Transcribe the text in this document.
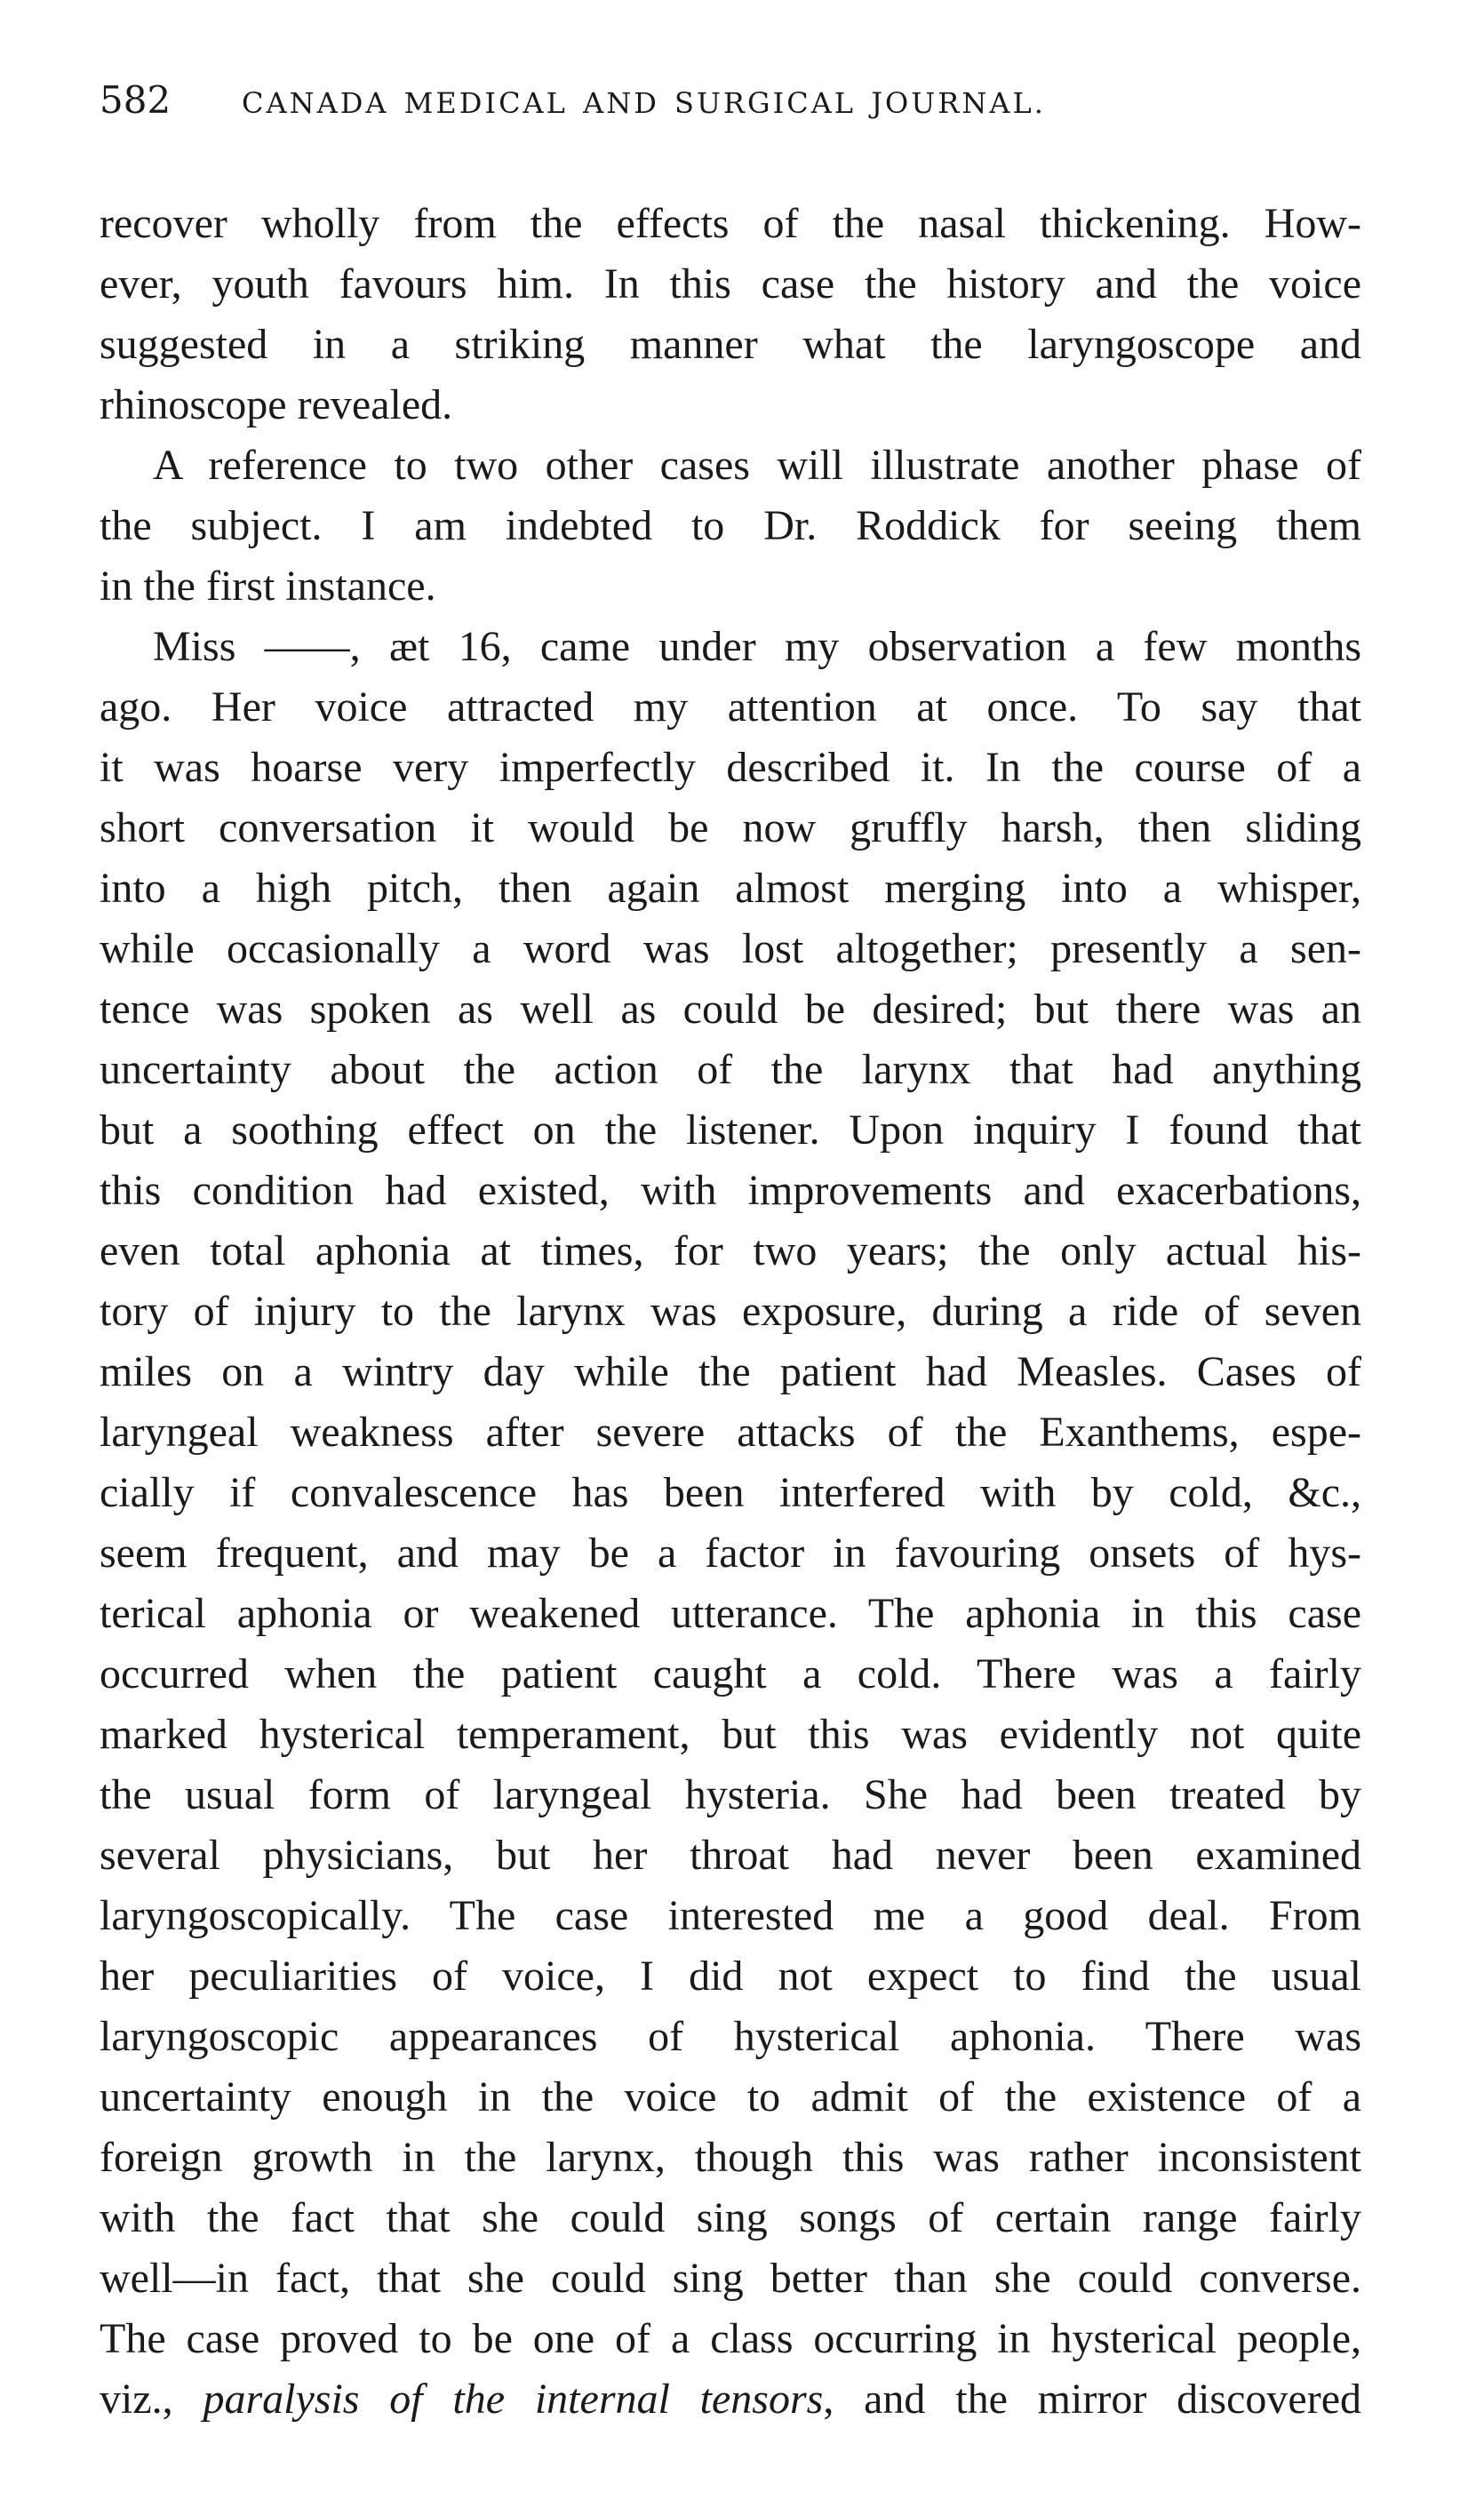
582	CANADA MEDICAL AND SURGICAL JOURNAL.
recover wholly from the effects of the nasal thickening. How-
ever, youth favours him. In this case the history and the voice
suggested in a striking manner what the laryngoscope and
rhinoscope revealed.
A reference to two other cases will illustrate another phase of
the subject. I am indebted to Dr. Roddick for seeing them
in the first instance.
Miss ——, æt 16, came under my observation a few months
ago. Her voice attracted my attention at once. To say that
it was hoarse very imperfectly described it. In the course of a
short conversation it would be now gruffly harsh, then sliding
into a high pitch, then again almost merging into a whisper,
while occasionally a word was lost altogether; presently a sen-
tence was spoken as well as could be desired; but there was an
uncertainty about the action of the larynx that had anything
but a soothing effect on the listener. Upon inquiry I found that
this condition had existed, with improvements and exacerbations,
even total aphonia at times, for two years; the only actual his-
tory of injury to the larynx was exposure, during a ride of seven
miles on a wintry day while the patient had Measles. Cases of
laryngeal weakness after severe attacks of the Exanthems, espe-
cially if convalescence has been interfered with by cold, &c.,
seem frequent, and may be a factor in favouring onsets of hys-
terical aphonia or weakened utterance. The aphonia in this case
occurred when the patient caught a cold. There was a fairly
marked hysterical temperament, but this was evidently not quite
the usual form of laryngeal hysteria. She had been treated by
several physicians, but her throat had never been examined
laryngoscopically. The case interested me a good deal. From
her peculiarities of voice, I did not expect to find the usual
laryngoscopic appearances of hysterical aphonia. There was
uncertainty enough in the voice to admit of the existence of a
foreign growth in the larynx, though this was rather inconsistent
with the fact that she could sing songs of certain range fairly
well—in fact, that she could sing better than she could converse.
The case proved to be one of a class occurring in hysterical people,
viz., paralysis of the internal tensors, and the mirror discovered
